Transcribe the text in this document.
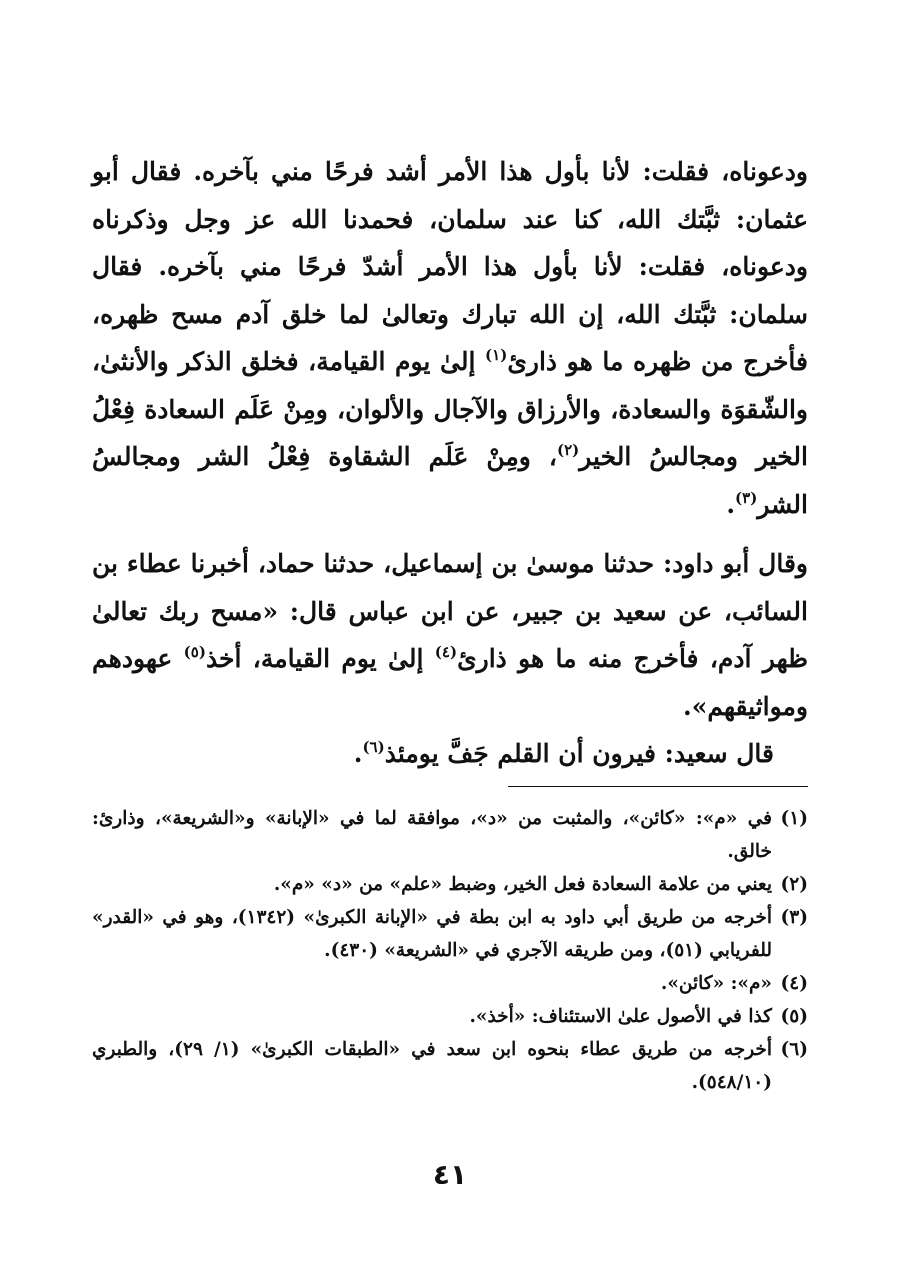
ودعوناه، فقلت: لأنا بأول هذا الأمر أشد فرحًا مني بآخره. فقال أبو عثمان: ثبَّتك الله، كنا عند سلمان، فحمدنا الله عز وجل وذكرناه ودعوناه، فقلت: لأنا بأول هذا الأمر أشدّ فرحًا مني بآخره. فقال سلمان: ثبَّتك الله، إن الله تبارك وتعالىٰ لما خلق آدم مسح ظهره، فأخرج من ظهره ما هو ذارئ$^{(١)}$ إلىٰ يوم القيامة، فخلق الذكر والأنثىٰ، والشّقوَة والسعادة، والأرزاق والآجال والألوان، ومِنْ عَلَم السعادة فِعْلُ الخير ومجالسُ الخير$^{(٢)}$، ومِنْ عَلَم الشقاوة فِعْلُ الشر ومجالسُ الشر$^{(٣)}$.

وقال أبو داود: حدثنا موسىٰ بن إسماعيل، حدثنا حماد، أخبرنا عطاء بن السائب، عن سعيد بن جبير، عن ابن عباس قال: «مسح ربك تعالىٰ ظهر آدم، فأخرج منه ما هو ذارئ$^{(٤)}$ إلىٰ يوم القيامة، أخذ$^{(٥)}$ عهودهم ومواثيقهم».

قال سعيد: فيرون أن القلم جَفَّ يومئذ$^{(٦)}$.

(١)
في «م»: «كائن»، والمثبت من «د»، موافقة لما في «الإبانة» و«الشريعة»، وذارئ: خالق.
(٢)
يعني من علامة السعادة فعل الخير، وضبط «علم» من «د» «م».
(٣)
أخرجه من طريق أبي داود به ابن بطة في «الإبانة الكبرىٰ» (١٣٤٢)، وهو في «القدر» للفريابي (٥١)، ومن طريقه الآجري في «الشريعة» (٤٣٠).
(٤)
«م»: «كائن».
(٥)
كذا في الأصول علىٰ الاستئناف: «أخذ».
(٦)
أخرجه من طريق عطاء بنحوه ابن سعد في «الطبقات الكبرىٰ» (١/ ٢٩)، والطبري (٥٤٨/١٠).
٤١
